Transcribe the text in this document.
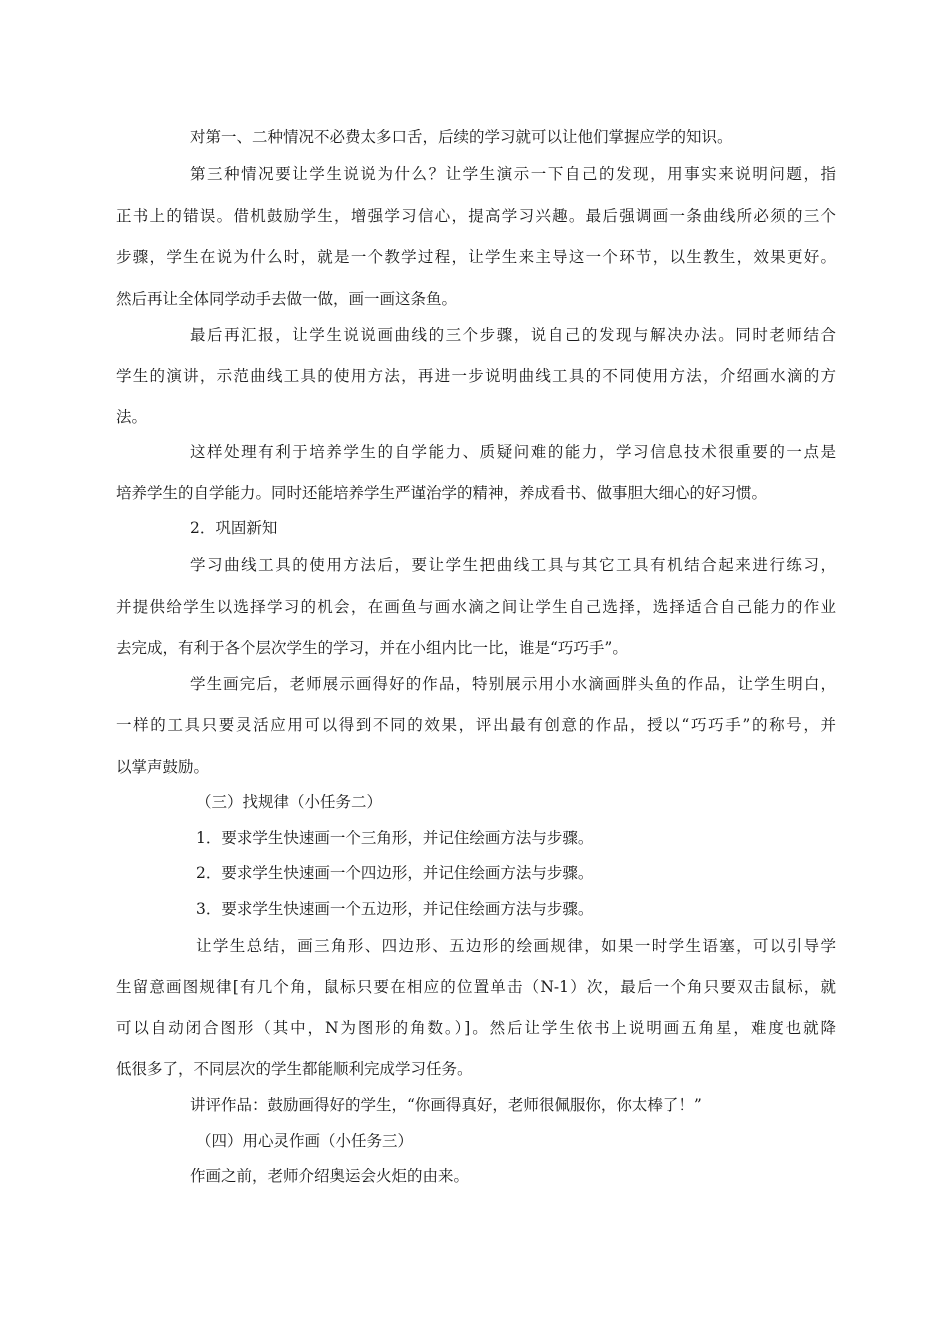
对第一、二种情况不必费太多口舌，后续的学习就可以让他们掌握应学的知识。
第三种情况要让学生说说为什么？让学生演示一下自己的发现，用事实来说明问题，指
正书上的错误。借机鼓励学生，增强学习信心，提高学习兴趣。最后强调画一条曲线所必须的三个
步骤，学生在说为什么时，就是一个教学过程，让学生来主导这一个环节，以生教生，效果更好。
然后再让全体同学动手去做一做，画一画这条鱼。
最后再汇报，让学生说说画曲线的三个步骤，说自己的发现与解决办法。同时老师结合
学生的演讲，示范曲线工具的使用方法，再进一步说明曲线工具的不同使用方法，介绍画水滴的方
法。
这样处理有利于培养学生的自学能力、质疑问难的能力，学习信息技术很重要的一点是
培养学生的自学能力。同时还能培养学生严谨治学的精神，养成看书、做事胆大细心的好习惯。
2．巩固新知
学习曲线工具的使用方法后，要让学生把曲线工具与其它工具有机结合起来进行练习，
并提供给学生以选择学习的机会，在画鱼与画水滴之间让学生自己选择，选择适合自己能力的作业
去完成，有利于各个层次学生的学习，并在小组内比一比，谁是“巧巧手”。
学生画完后，老师展示画得好的作品，特别展示用小水滴画胖头鱼的作品，让学生明白，
一样的工具只要灵活应用可以得到不同的效果，评出最有创意的作品，授以“巧巧手”的称号，并
以掌声鼓励。
（三）找规律（小任务二）
1．要求学生快速画一个三角形，并记住绘画方法与步骤。
2．要求学生快速画一个四边形，并记住绘画方法与步骤。
3．要求学生快速画一个五边形，并记住绘画方法与步骤。
让学生总结，画三角形、四边形、五边形的绘画规律，如果一时学生语塞，可以引导学
生留意画图规律[有几个角，鼠标只要在相应的位置单击（N-1）次，最后一个角只要双击鼠标，就
可以自动闭合图形（其中，N为图形的角数。）]。然后让学生依书上说明画五角星，难度也就降
低很多了，不同层次的学生都能顺利完成学习任务。
讲评作品：鼓励画得好的学生，“你画得真好，老师很佩服你，你太棒了！”
（四）用心灵作画（小任务三）
作画之前，老师介绍奥运会火炬的由来。
